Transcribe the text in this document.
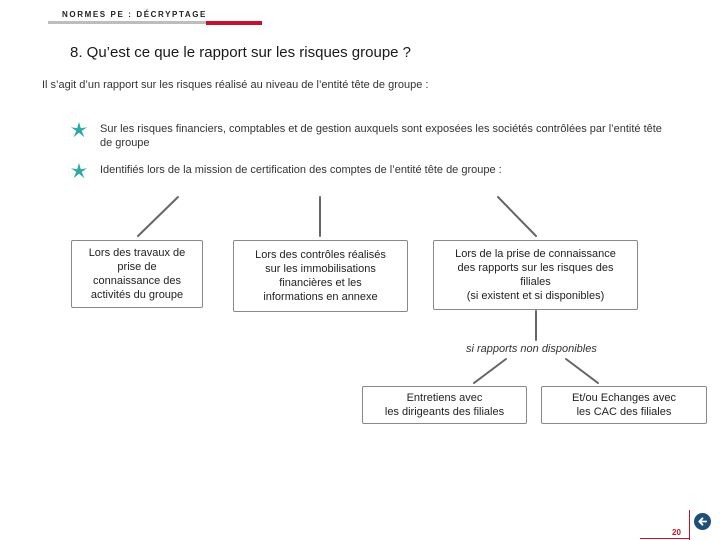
NORMES PE : DÉCRYPTAGE
8. Qu’est ce que le rapport sur les risques groupe ?
Il s’agit d’un rapport sur les risques réalisé au niveau de l’entité tête de groupe :
Sur les risques financiers, comptables et de gestion auxquels sont exposées les sociétés contrôlées par l’entité tête de groupe
Identifiés lors de la mission de certification des comptes de l’entité tête de groupe :
Lors des travaux de
prise de
connaissance des
activités du groupe
Lors des contrôles réalisés
sur les immobilisations
financières et les
informations en annexe
Lors de la prise de connaissance
des rapports sur les risques des
filiales
(si existent et si disponibles)
si rapports non disponibles
Entretiens avec
les dirigeants des filiales
Et/ou Echanges avec
les CAC des filiales
20
